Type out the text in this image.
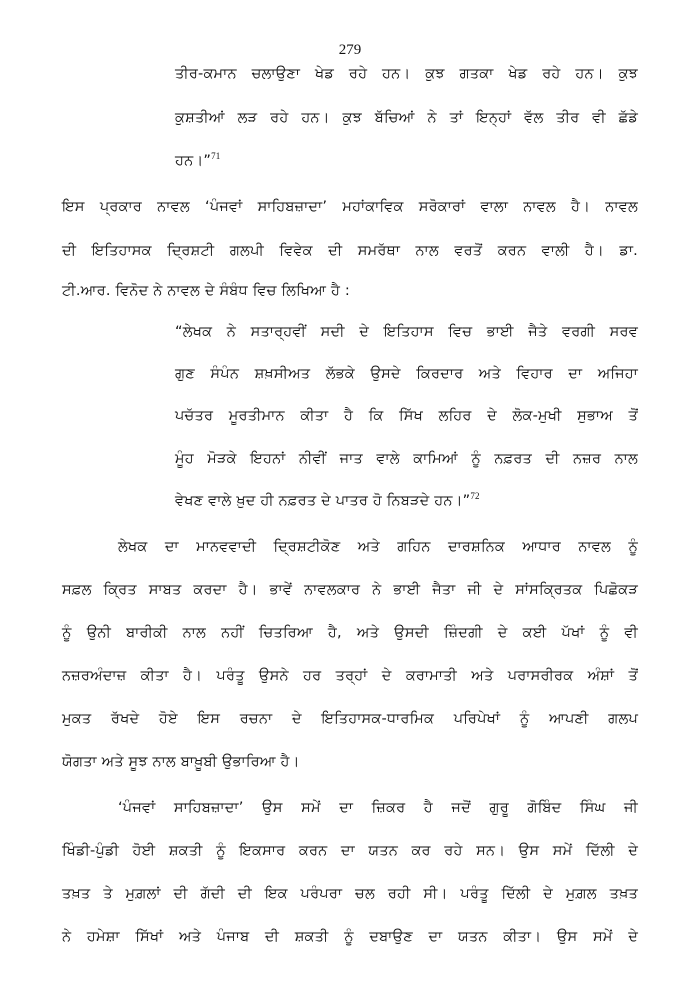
279
ਤੀਰ-ਕਮਾਨ ਚਲਾਉਣਾ ਖੇਡ ਰਹੇ ਹਨ। ਕੁਝ ਗਤਕਾ ਖੇਡ ਰਹੇ ਹਨ। ਕੁਝ
ਕੁਸ਼ਤੀਆਂ ਲੜ ਰਹੇ ਹਨ। ਕੁਝ ਬੱਚਿਆਂ ਨੇ ਤਾਂ ਇਨ੍ਹਾਂ ਵੱਲ ਤੀਰ ਵੀ ਛੱਡੇ
ਹਨ।”$^{71}$
ਇਸ ਪ੍ਰਕਾਰ ਨਾਵਲ ‘ਪੰਜਵਾਂ ਸਾਹਿਬਜ਼ਾਦਾ’ ਮਹਾਂਕਾਵਿਕ ਸਰੋਕਾਰਾਂ ਵਾਲਾ ਨਾਵਲ ਹੈ। ਨਾਵਲ
ਦੀ ਇਤਿਹਾਸਕ ਦ੍ਰਿਸ਼ਟੀ ਗਲਪੀ ਵਿਵੇਕ ਦੀ ਸਮਰੱਥਾ ਨਾਲ ਵਰਤੋਂ ਕਰਨ ਵਾਲੀ ਹੈ। ਡਾ.
ਟੀ.ਆਰ. ਵਿਨੋਦ ਨੇ ਨਾਵਲ ਦੇ ਸੰਬੰਧ ਵਿਚ ਲਿਖਿਆ ਹੈ :
“ਲੇਖਕ ਨੇ ਸਤਾਰ੍ਹਵੀਂ ਸਦੀ ਦੇ ਇਤਿਹਾਸ ਵਿਚ ਭਾਈ ਜੈਤੇ ਵਰਗੀ ਸਰਵ
ਗੁਣ ਸੰਪੰਨ ਸ਼ਖ਼ਸੀਅਤ ਲੱਭਕੇ ਉਸਦੇ ਕਿਰਦਾਰ ਅਤੇ ਵਿਹਾਰ ਦਾ ਅਜਿਹਾ
ਪਚੱਤਰ ਮੂਰਤੀਮਾਨ ਕੀਤਾ ਹੈ ਕਿ ਸਿੱਖ ਲਹਿਰ ਦੇ ਲੋਕ-ਮੁਖੀ ਸੁਭਾਅ ਤੋਂ
ਮੂੰਹ ਮੋੜਕੇ ਇਹਨਾਂ ਨੀਵੀਂ ਜਾਤ ਵਾਲੇ ਕਾਮਿਆਂ ਨੂੰ ਨਫ਼ਰਤ ਦੀ ਨਜ਼ਰ ਨਾਲ
ਵੇਖਣ ਵਾਲੇ ਖ਼ੁਦ ਹੀ ਨਫ਼ਰਤ ਦੇ ਪਾਤਰ ਹੋ ਨਿਬੜਦੇ ਹਨ।”$^{72}$
ਲੇਖਕ ਦਾ ਮਾਨਵਵਾਦੀ ਦ੍ਰਿਸ਼ਟੀਕੋਣ ਅਤੇ ਗਹਿਨ ਦਾਰਸ਼ਨਿਕ ਆਧਾਰ ਨਾਵਲ ਨੂੰ
ਸਫ਼ਲ ਕ੍ਰਿਤ ਸਾਬਤ ਕਰਦਾ ਹੈ। ਭਾਵੇਂ ਨਾਵਲਕਾਰ ਨੇ ਭਾਈ ਜੈਤਾ ਜੀ ਦੇ ਸਾਂਸਕ੍ਰਿਤਕ ਪਿਛੋਕੜ
ਨੂੰ ਉਨੀ ਬਾਰੀਕੀ ਨਾਲ ਨਹੀਂ ਚਿਤਰਿਆ ਹੈ, ਅਤੇ ਉਸਦੀ ਜ਼ਿੰਦਗੀ ਦੇ ਕਈ ਪੱਖਾਂ ਨੂੰ ਵੀ
ਨਜ਼ਰਅੰਦਾਜ਼ ਕੀਤਾ ਹੈ। ਪਰੰਤੂ ਉਸਨੇ ਹਰ ਤਰ੍ਹਾਂ ਦੇ ਕਰਾਮਾਤੀ ਅਤੇ ਪਰਾਸਰੀਰਕ ਅੰਸ਼ਾਂ ਤੋਂ
ਮੁਕਤ ਰੱਖਦੇ ਹੋਏ ਇਸ ਰਚਨਾ ਦੇ ਇਤਿਹਾਸਕ-ਧਾਰਮਿਕ ਪਰਿਪੇਖਾਂ ਨੂੰ ਆਪਣੀ ਗਲਪ
ਯੋਗਤਾ ਅਤੇ ਸੂਝ ਨਾਲ ਬਾਖ਼ੂਬੀ ਉਭਾਰਿਆ ਹੈ।
‘ਪੰਜਵਾਂ ਸਾਹਿਬਜ਼ਾਦਾ’ ਉਸ ਸਮੇਂ ਦਾ ਜ਼ਿਕਰ ਹੈ ਜਦੋਂ ਗੁਰੂ ਗੋਬਿੰਦ ਸਿੰਘ ਜੀ
ਖਿੰਡੀ-ਪੁੰਡੀ ਹੋਈ ਸ਼ਕਤੀ ਨੂੰ ਇਕਸਾਰ ਕਰਨ ਦਾ ਯਤਨ ਕਰ ਰਹੇ ਸਨ। ਉਸ ਸਮੇਂ ਦਿੱਲੀ ਦੇ
ਤਖ਼ਤ ਤੇ ਮੁਗ਼ਲਾਂ ਦੀ ਗੱਦੀ ਦੀ ਇਕ ਪਰੰਪਰਾ ਚਲ ਰਹੀ ਸੀ। ਪਰੰਤੂ ਦਿੱਲੀ ਦੇ ਮੁਗ਼ਲ ਤਖ਼ਤ
ਨੇ ਹਮੇਸ਼ਾ ਸਿੱਖਾਂ ਅਤੇ ਪੰਜਾਬ ਦੀ ਸ਼ਕਤੀ ਨੂੰ ਦਬਾਉਣ ਦਾ ਯਤਨ ਕੀਤਾ। ਉਸ ਸਮੇਂ ਦੇ
